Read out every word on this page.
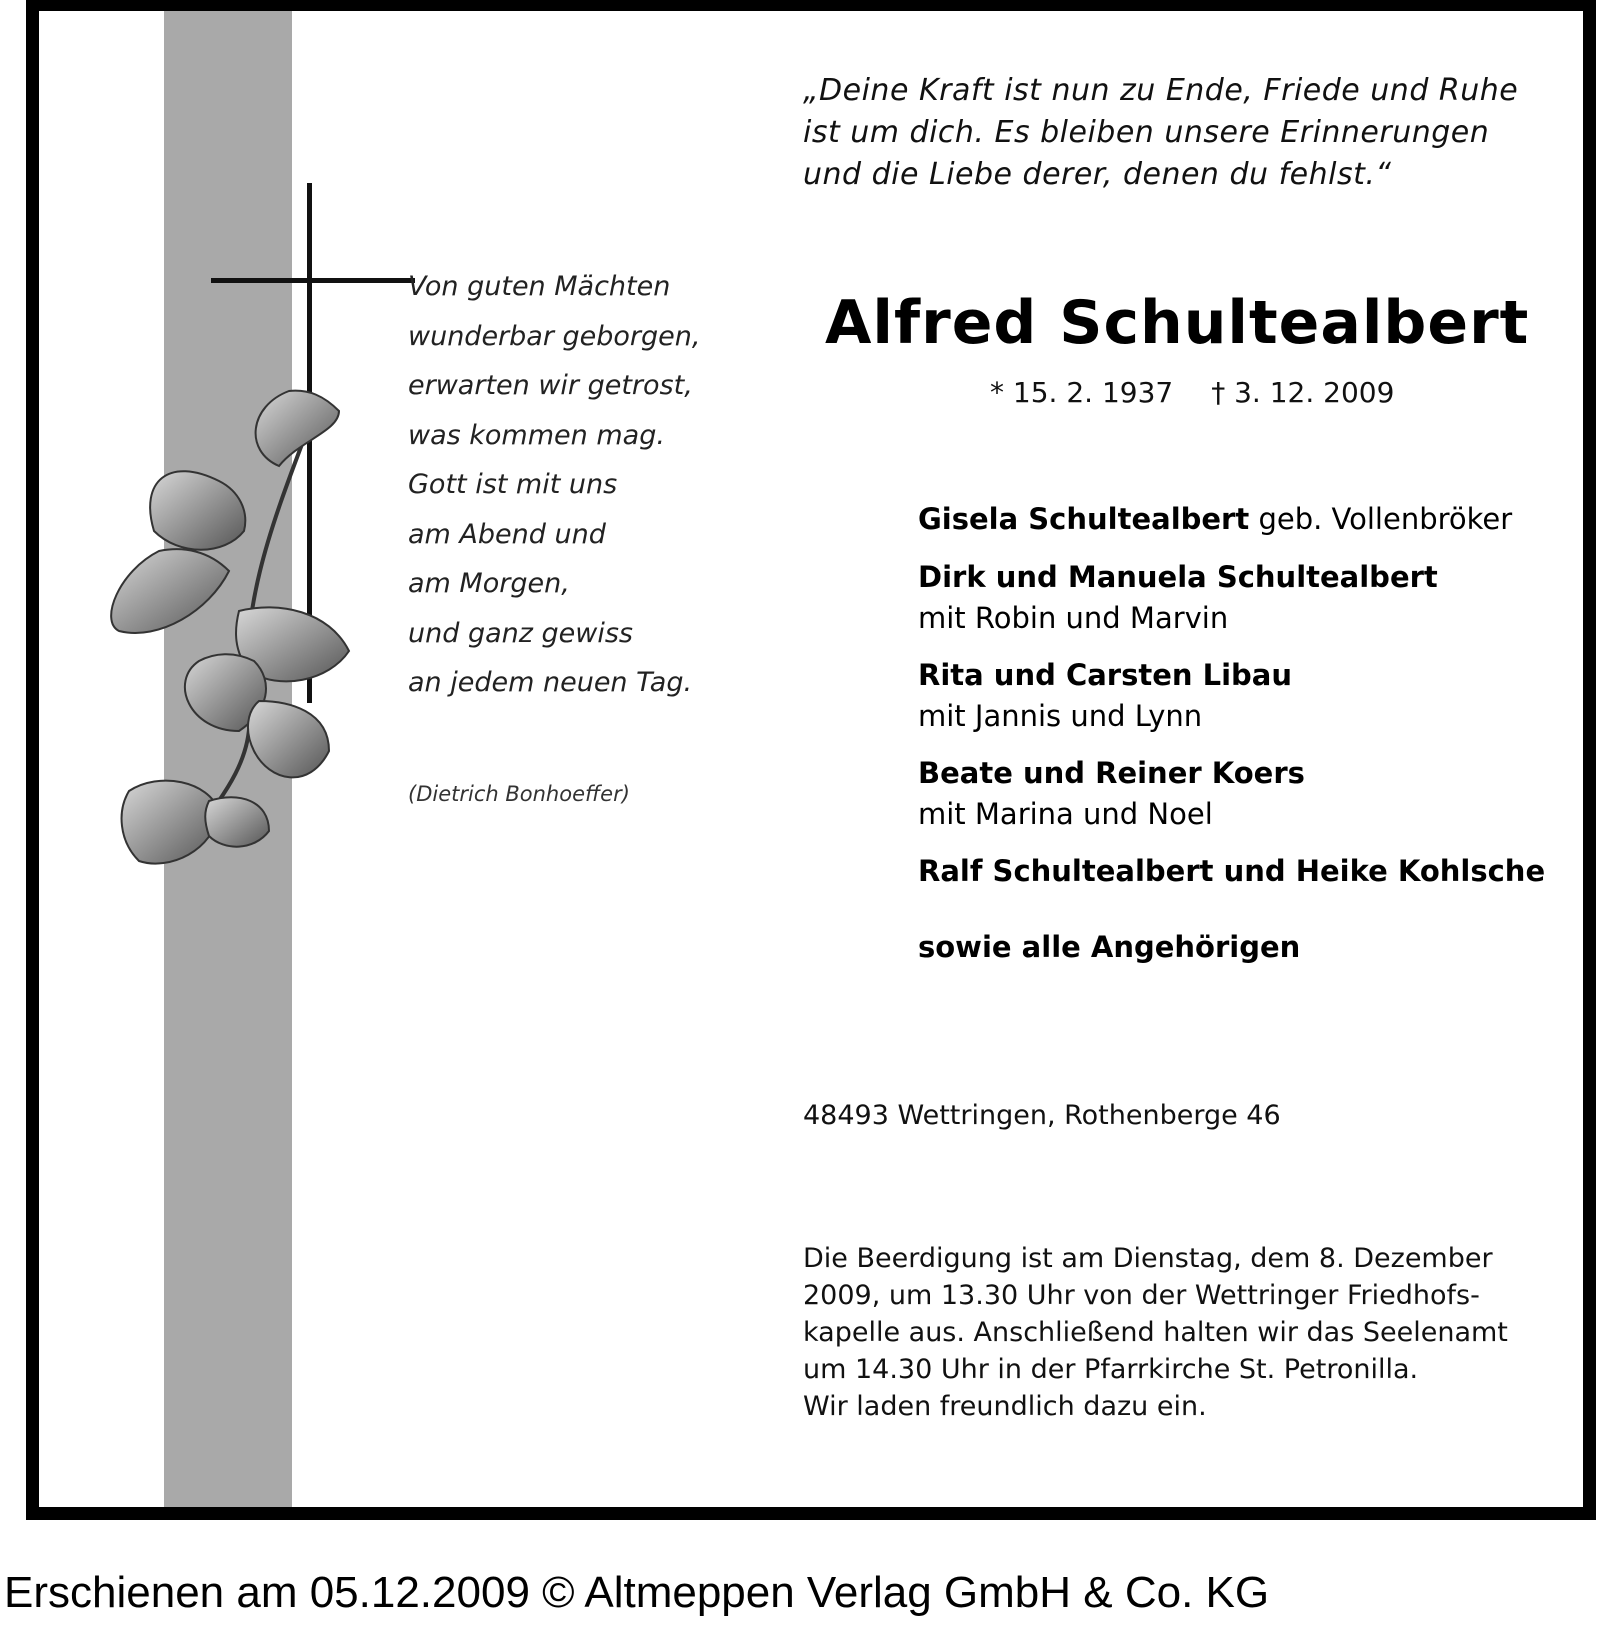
„Deine Kraft ist nun zu Ende, Friede und Ruhe
ist um dich. Es bleiben unsere Erinnerungen
und die Liebe derer, denen du fehlst.“
Von guten Mächten
wunderbar geborgen,
erwarten wir getrost,
was kommen mag.
Gott ist mit uns
am Abend und
am Morgen,
und ganz gewiss
an jedem neuen Tag.
(Dietrich Bonhoeffer)
Alfred Schultealbert
* 15. 2. 1937 † 3. 12. 2009
Gisela Schultealbert geb. Vollenbröker
Dirk und Manuela Schultealbert
mit Robin und Marvin
Rita und Carsten Libau
mit Jannis und Lynn
Beate und Reiner Koers
mit Marina und Noel
Ralf Schultealbert und Heike Kohlsche
sowie alle Angehörigen
48493 Wettringen, Rothenberge 46
Die Beerdigung ist am Dienstag, dem 8. Dezember
2009, um 13.30 Uhr von der Wettringer Friedhofs-
kapelle aus. Anschließend halten wir das Seelenamt
um 14.30 Uhr in der Pfarrkirche St. Petronilla.
Wir laden freundlich dazu ein.
Erschienen am 05.12.2009 © Altmeppen Verlag GmbH & Co. KG
